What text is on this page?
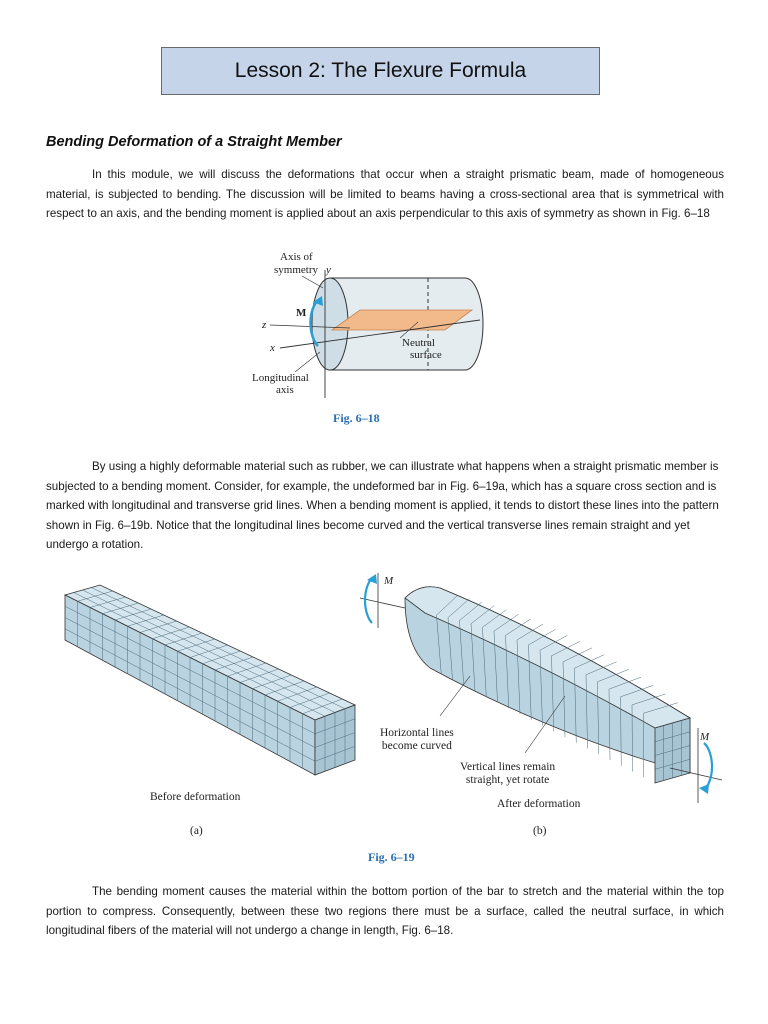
Lesson 2: The Flexure Formula
Bending Deformation of a Straight Member

In this module, we will discuss the deformations that occur when a straight prismatic beam, made of homogeneous material, is subjected to bending. The discussion will be limited to beams having a cross-sectional area that is symmetrical with respect to an axis, and the bending moment is applied about an axis perpendicular to this axis of symmetry as shown in Fig. 6–18

Axis of
symmetry y
M
z
x	Neutral
surface
Longitudinal
axis
Fig. 6–18

By using a highly deformable material such as rubber, we can illustrate what happens when a straight prismatic member is subjected to a bending moment. Consider, for example, the undeformed bar in Fig. 6–19a, which has a square cross section and is marked with longitudinal and transverse grid lines. When a bending moment is applied, it tends to distort these lines into the pattern shown in Fig. 6–19b. Notice that the longitudinal lines become curved and the vertical transverse lines remain straight and yet undergo a rotation.

Before deformation
(a)
M
M
Horizontal lines
become curved
Vertical lines remain
straight, yet rotate
After deformation
(b)
Fig. 6–19

The bending moment causes the material within the bottom portion of the bar to stretch and the material within the top portion to compress. Consequently, between these two regions there must be a surface, called the neutral surface, in which longitudinal fibers of the material will not undergo a change in length, Fig. 6–18.
